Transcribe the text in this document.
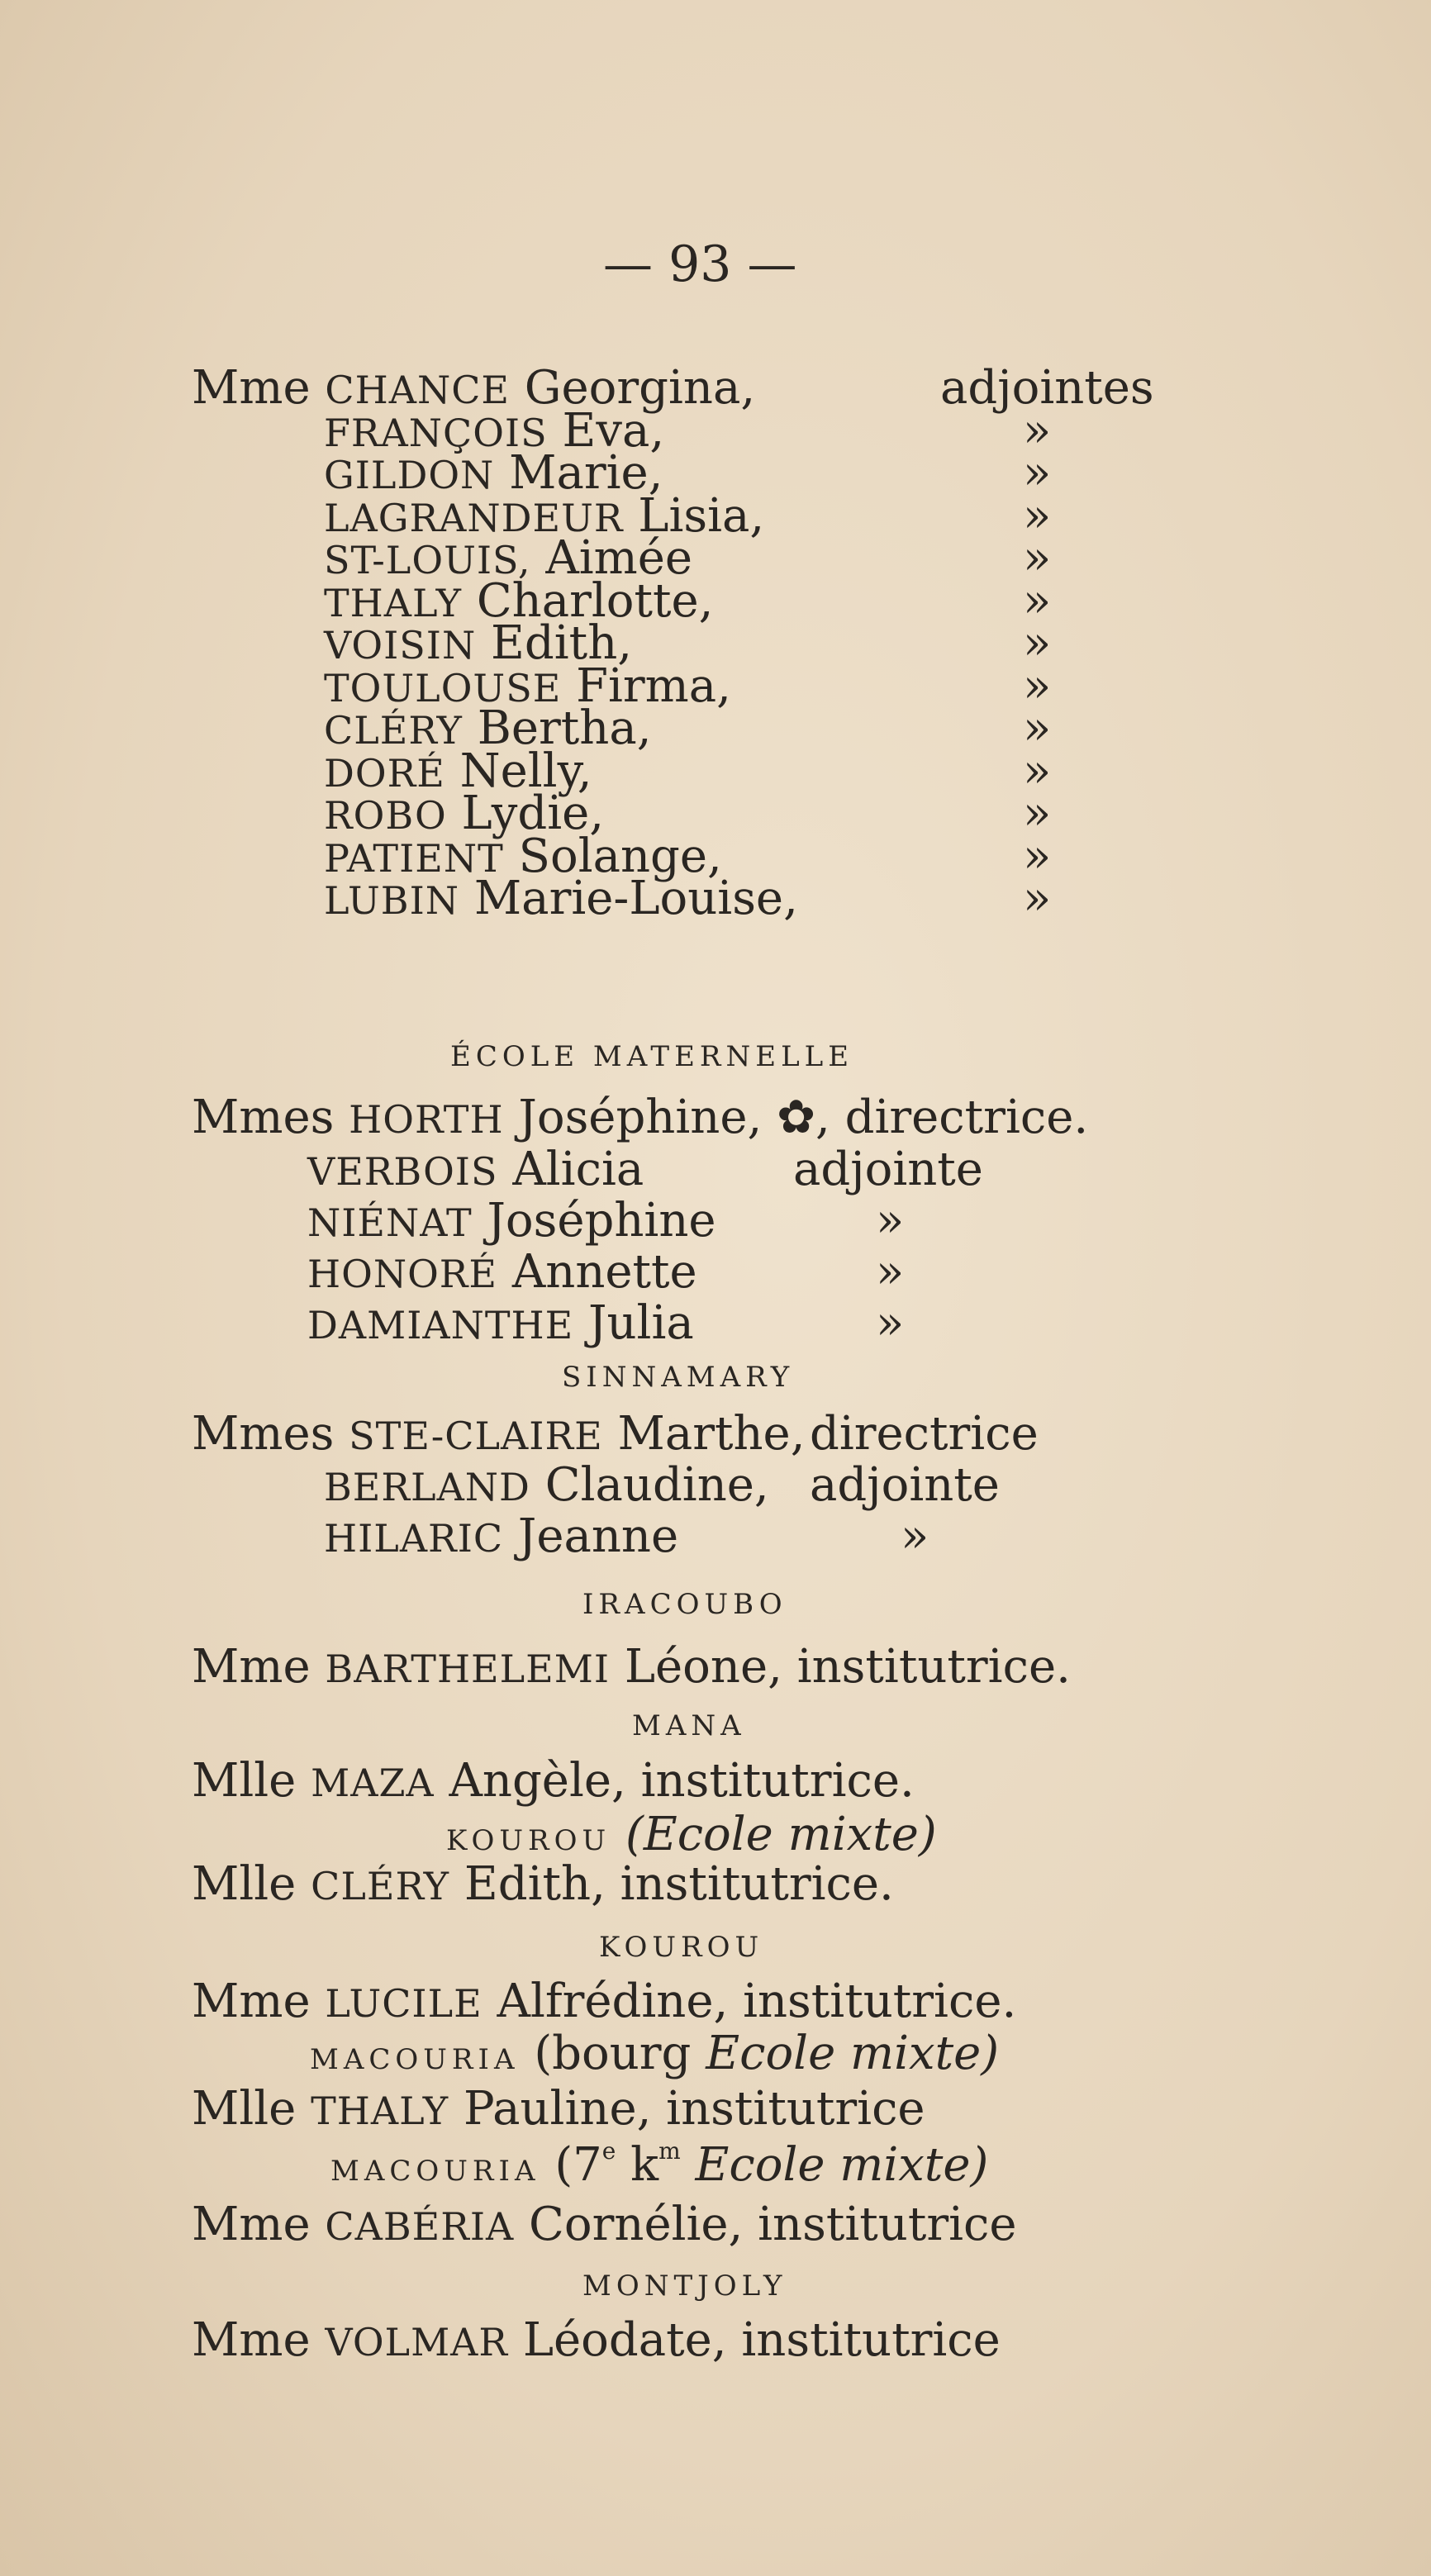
— 93 —
Mme CHANCE Georgina,	adjointes
FRANÇOIS Eva,	»
GILDON Marie,	»
LAGRANDEUR Lisia,	»
ST-LOUIS, Aimée	»
THALY Charlotte,	»
VOISIN Edith,	»
TOULOUSE Firma,	»
CLÉRY Bertha,	»
DORÉ Nelly,	»
ROBO Lydie,	»
PATIENT Solange,	»
LUBIN Marie-Louise,	»
ÉCOLE MATERNELLE
Mmes HORTH Joséphine, ✿, directrice.
VERBOIS Alicia	adjointe
NIÉNAT Joséphine	»
HONORÉ Annette	»
DAMIANTHE Julia	»
SINNAMARY
Mmes STE-CLAIRE Marthe, directrice
BERLAND Claudine, adjointe
HILARIC Jeanne	»
IRACOUBO
Mme BARTHELEMI Léone, institutrice.
MANA
Mlle MAZA Angèle, institutrice.
KOUROU (Ecole mixte)
Mlle CLÉRY Edith, institutrice.
KOUROU
Mme LUCILE Alfrédine, institutrice.
MACOURIA (bourg Ecole mixte)
Mlle THALY Pauline, institutrice
MACOURIA (7e $k^m$ Ecole mixte)
Mme CABÉRIA Cornélie, institutrice
MONTJOLY
Mme VOLMAR Léodate, institutrice
